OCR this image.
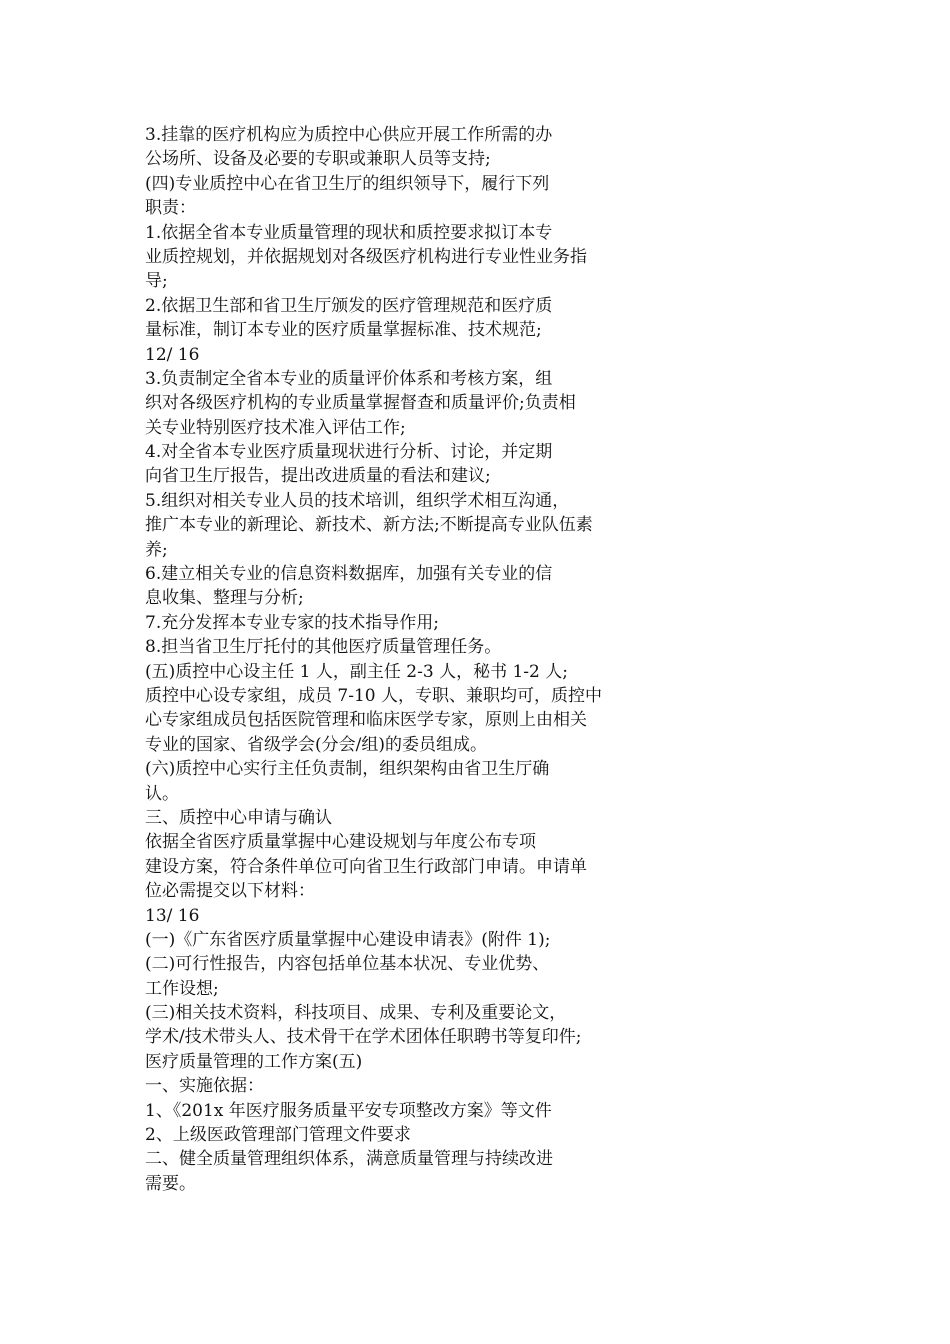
3.挂靠的医疗机构应为质控中心供应开展工作所需的办
公场所、设备及必要的专职或兼职人员等支持;
(四)专业质控中心在省卫生厅的组织领导下，履行下列
职责：
1.依据全省本专业质量管理的现状和质控要求拟订本专
业质控规划，并依据规划对各级医疗机构进行专业性业务指
导;
2.依据卫生部和省卫生厅颁发的医疗管理规范和医疗质
量标准，制订本专业的医疗质量掌握标准、技术规范;
12/ 16
3.负责制定全省本专业的质量评价体系和考核方案，组
织对各级医疗机构的专业质量掌握督查和质量评价;负责相
关专业特别医疗技术准入评估工作;
4.对全省本专业医疗质量现状进行分析、讨论，并定期
向省卫生厅报告，提出改进质量的看法和建议;
5.组织对相关专业人员的技术培训，组织学术相互沟通，
推广本专业的新理论、新技术、新方法;不断提高专业队伍素
养;
6.建立相关专业的信息资料数据库，加强有关专业的信
息收集、整理与分析;
7.充分发挥本专业专家的技术指导作用;
8.担当省卫生厅托付的其他医疗质量管理任务。
(五)质控中心设主任 1 人，副主任 2-3 人，秘书 1-2 人;
质控中心设专家组，成员 7-10 人，专职、兼职均可，质控中
心专家组成员包括医院管理和临床医学专家，原则上由相关
专业的国家、省级学会(分会/组)的委员组成。
(六)质控中心实行主任负责制，组织架构由省卫生厅确
认。
三、质控中心申请与确认
依据全省医疗质量掌握中心建设规划与年度公布专项
建设方案，符合条件单位可向省卫生行政部门申请。申请单
位必需提交以下材料：
13/ 16
(一)《广东省医疗质量掌握中心建设申请表》(附件 1);
(二)可行性报告，内容包括单位基本状况、专业优势、
工作设想;
(三)相关技术资料，科技项目、成果、专利及重要论文，
学术/技术带头人、技术骨干在学术团体任职聘书等复印件;
医疗质量管理的工作方案(五)
一、实施依据：
1、《201x 年医疗服务质量平安专项整改方案》等文件
2、上级医政管理部门管理文件要求
二、健全质量管理组织体系，满意质量管理与持续改进
需要。
